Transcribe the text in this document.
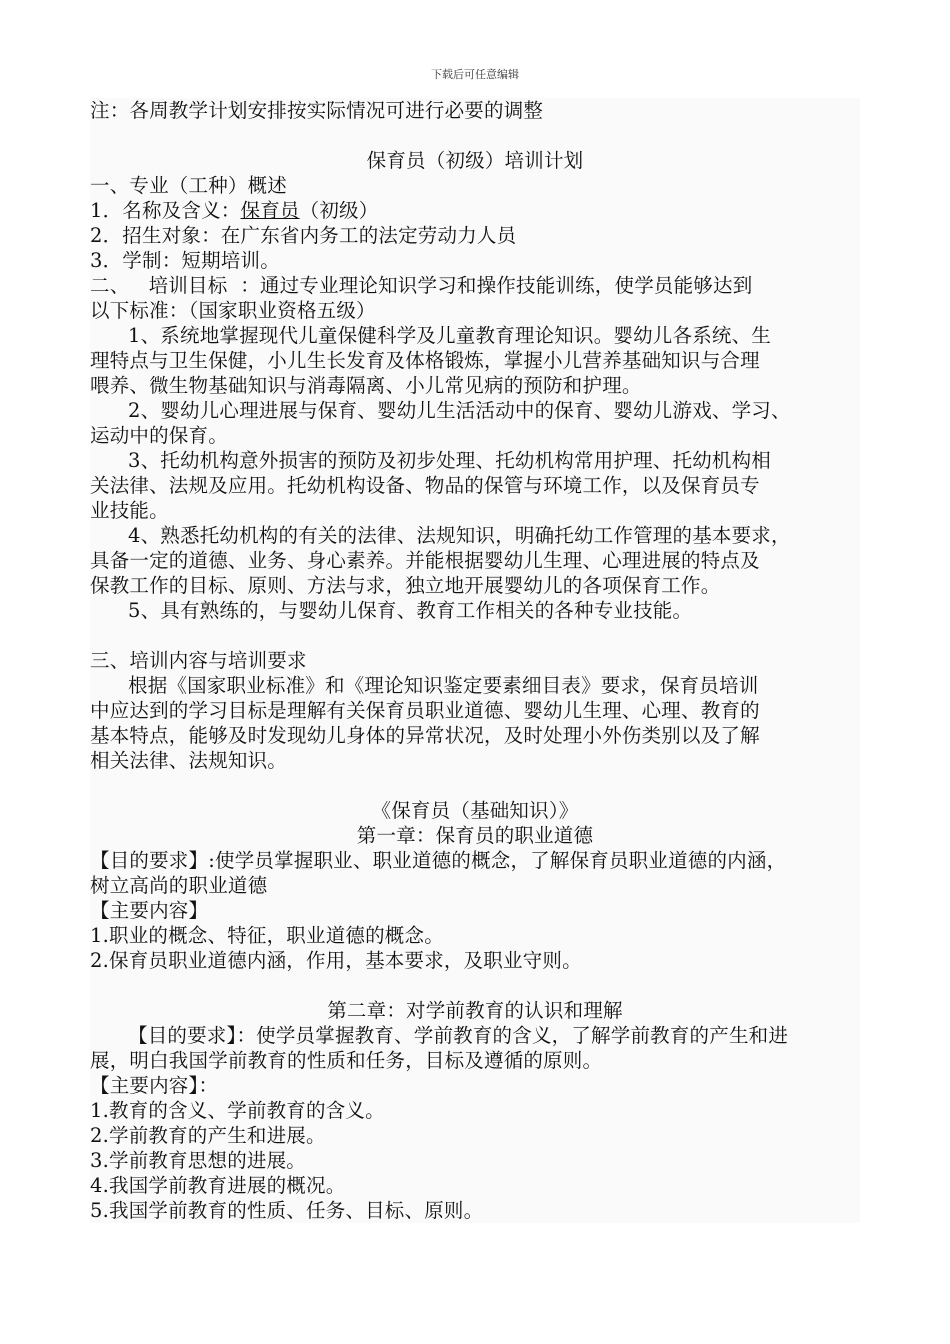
下载后可任意编辑
注：各周教学计划安排按实际情况可进行必要的调整
保育员（初级）培训计划
一、专业（工种）概述
1．名称及含义：保育员（初级）
2．招生对象：在广东省内务工的法定劳动力人员
3．学制：短期培训。
二、   培训目标  ：通过专业理论知识学习和操作技能训练，使学员能够达到
以下标准：（国家职业资格五级）
1、系统地掌握现代儿童保健科学及儿童教育理论知识。婴幼儿各系统、生
理特点与卫生保健，小儿生长发育及体格锻炼，掌握小儿营养基础知识与合理
喂养、微生物基础知识与消毒隔离、小儿常见病的预防和护理。
2、婴幼儿心理进展与保育、婴幼儿生活活动中的保育、婴幼儿游戏、学习、
运动中的保育。
3、托幼机构意外损害的预防及初步处理、托幼机构常用护理、托幼机构相
关法律、法规及应用。托幼机构设备、物品的保管与环境工作，以及保育员专
业技能。
4、熟悉托幼机构的有关的法律、法规知识，明确托幼工作管理的基本要求，
具备一定的道德、业务、身心素养。并能根据婴幼儿生理、心理进展的特点及
保教工作的目标、原则、方法与求，独立地开展婴幼儿的各项保育工作。
5、具有熟练的，与婴幼儿保育、教育工作相关的各种专业技能。
三、培训内容与培训要求
根据《国家职业标准》和《理论知识鉴定要素细目表》要求，保育员培训
中应达到的学习目标是理解有关保育员职业道德、婴幼儿生理、心理、教育的
基本特点，能够及时发现幼儿身体的异常状况，及时处理小外伤类别以及了解
相关法律、法规知识。
《保育员（基础知识）》
第一章：保育员的职业道德
【目的要求】:使学员掌握职业、职业道德的概念，了解保育员职业道德的内涵，
树立高尚的职业道德
【主要内容】
1.职业的概念、特征，职业道德的概念。
2.保育员职业道德内涵，作用，基本要求，及职业守则。
第二章：对学前教育的认识和理解
【目的要求】：使学员掌握教育、学前教育的含义，了解学前教育的产生和进
展，明白我国学前教育的性质和任务，目标及遵循的原则。
【主要内容】：
1.教育的含义、学前教育的含义。
2.学前教育的产生和进展。
3.学前教育思想的进展。
4.我国学前教育进展的概况。
5.我国学前教育的性质、任务、目标、原则。
